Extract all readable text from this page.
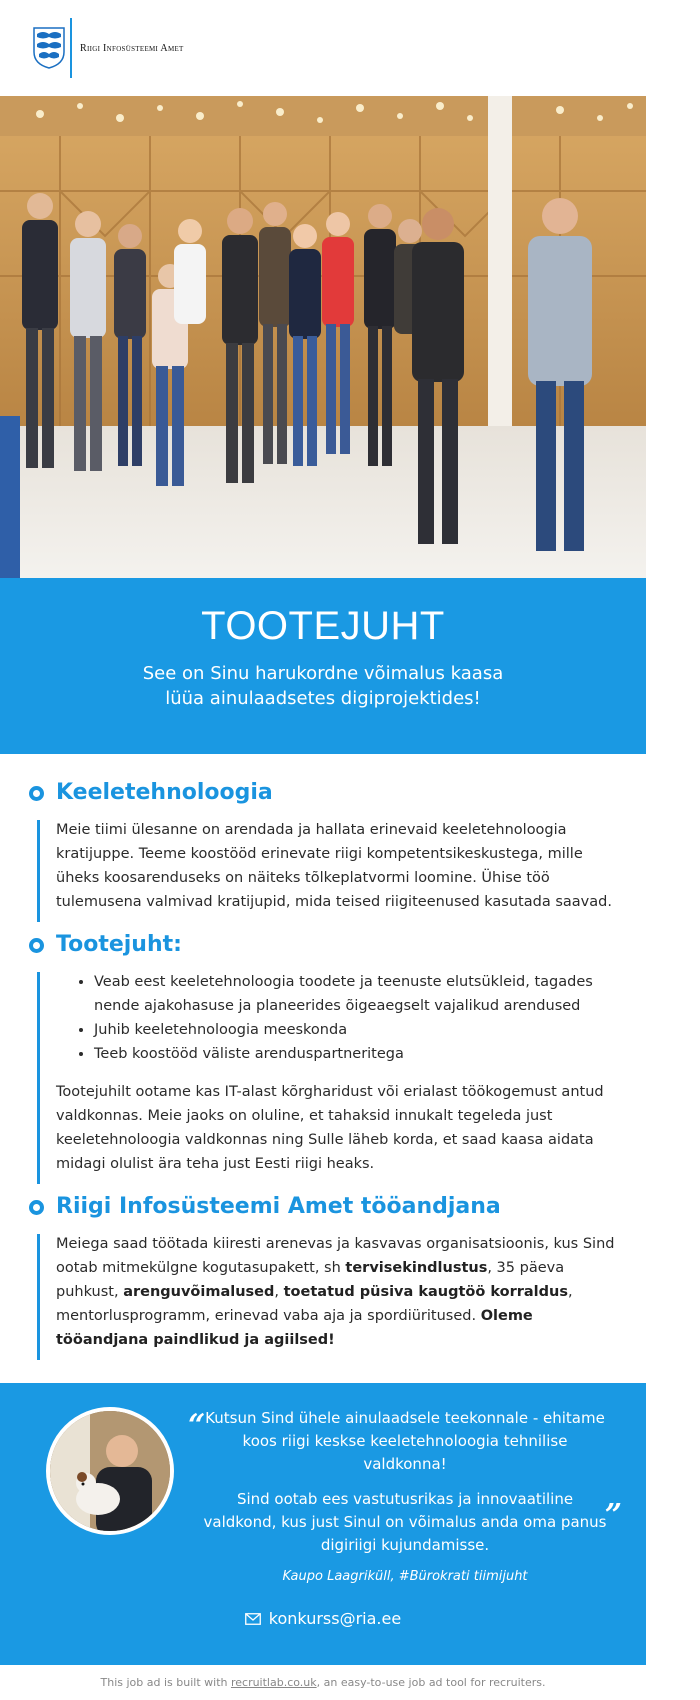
Riigi Infosüsteemi Amet
TOOTEJUHT

See on Sinu harukordne võimalus kaasa lüüa ainulaadsetes digiprojektides!

Keeletehnoloogia

Meie tiimi ülesanne on arendada ja hallata erinevaid keeletehnoloogia kratijuppe. Teeme koostööd erinevate riigi kompetentsikeskustega, mille üheks koosarenduseks on näiteks tõlkeplatvormi loomine. Ühise töö tulemusena valmivad kratijupid, mida teised riigiteenused kasutada saavad.

Tootejuht:
• Veab eest keeletehnoloogia toodete ja teenuste elutsükleid, tagades nende ajakohasuse ja planeerides õigeaegselt vajalikud arendused
• Juhib keeletehnoloogia meeskonda
• Teeb koostööd väliste arenduspartneritega

Tootejuhilt ootame kas IT-alast kõrgharidust või erialast töökogemust antud valdkonnas. Meie jaoks on oluline, et tahaksid innukalt tegeleda just keeletehnoloogia valdkonnas ning Sulle läheb korda, et saad kaasa aidata midagi olulist ära teha just Eesti riigi heaks.

Riigi Infosüsteemi Amet tööandjana

Meiega saad töötada kiiresti arenevas ja kasvavas organisatsioonis, kus Sind ootab mitmekülgne kogutasupakett, sh tervisekindlustus, 35 päeva puhkust, arenguvõimalused, toetatud püsiva kaugtöö korraldus, mentorlusprogramm, erinevad vaba aja ja spordiüritused. Oleme tööandjana paindlikud ja agiilsed!

“ Kutsun Sind ühele ainulaadsele teekonnale - ehitame koos riigi keskse keeletehnoloogia tehnilise valdkonna!

Sind ootab ees vastutusrikas ja innovaatiline valdkond, kus just Sinul on võimalus anda oma panus digiriigi kujundamisse.

”
Kaupo Laagriküll, #Bürokrati tiimijuht
konkurss@ria.ee
This job ad is built with recruitlab.co.uk, an easy-to-use job ad tool for recruiters.
